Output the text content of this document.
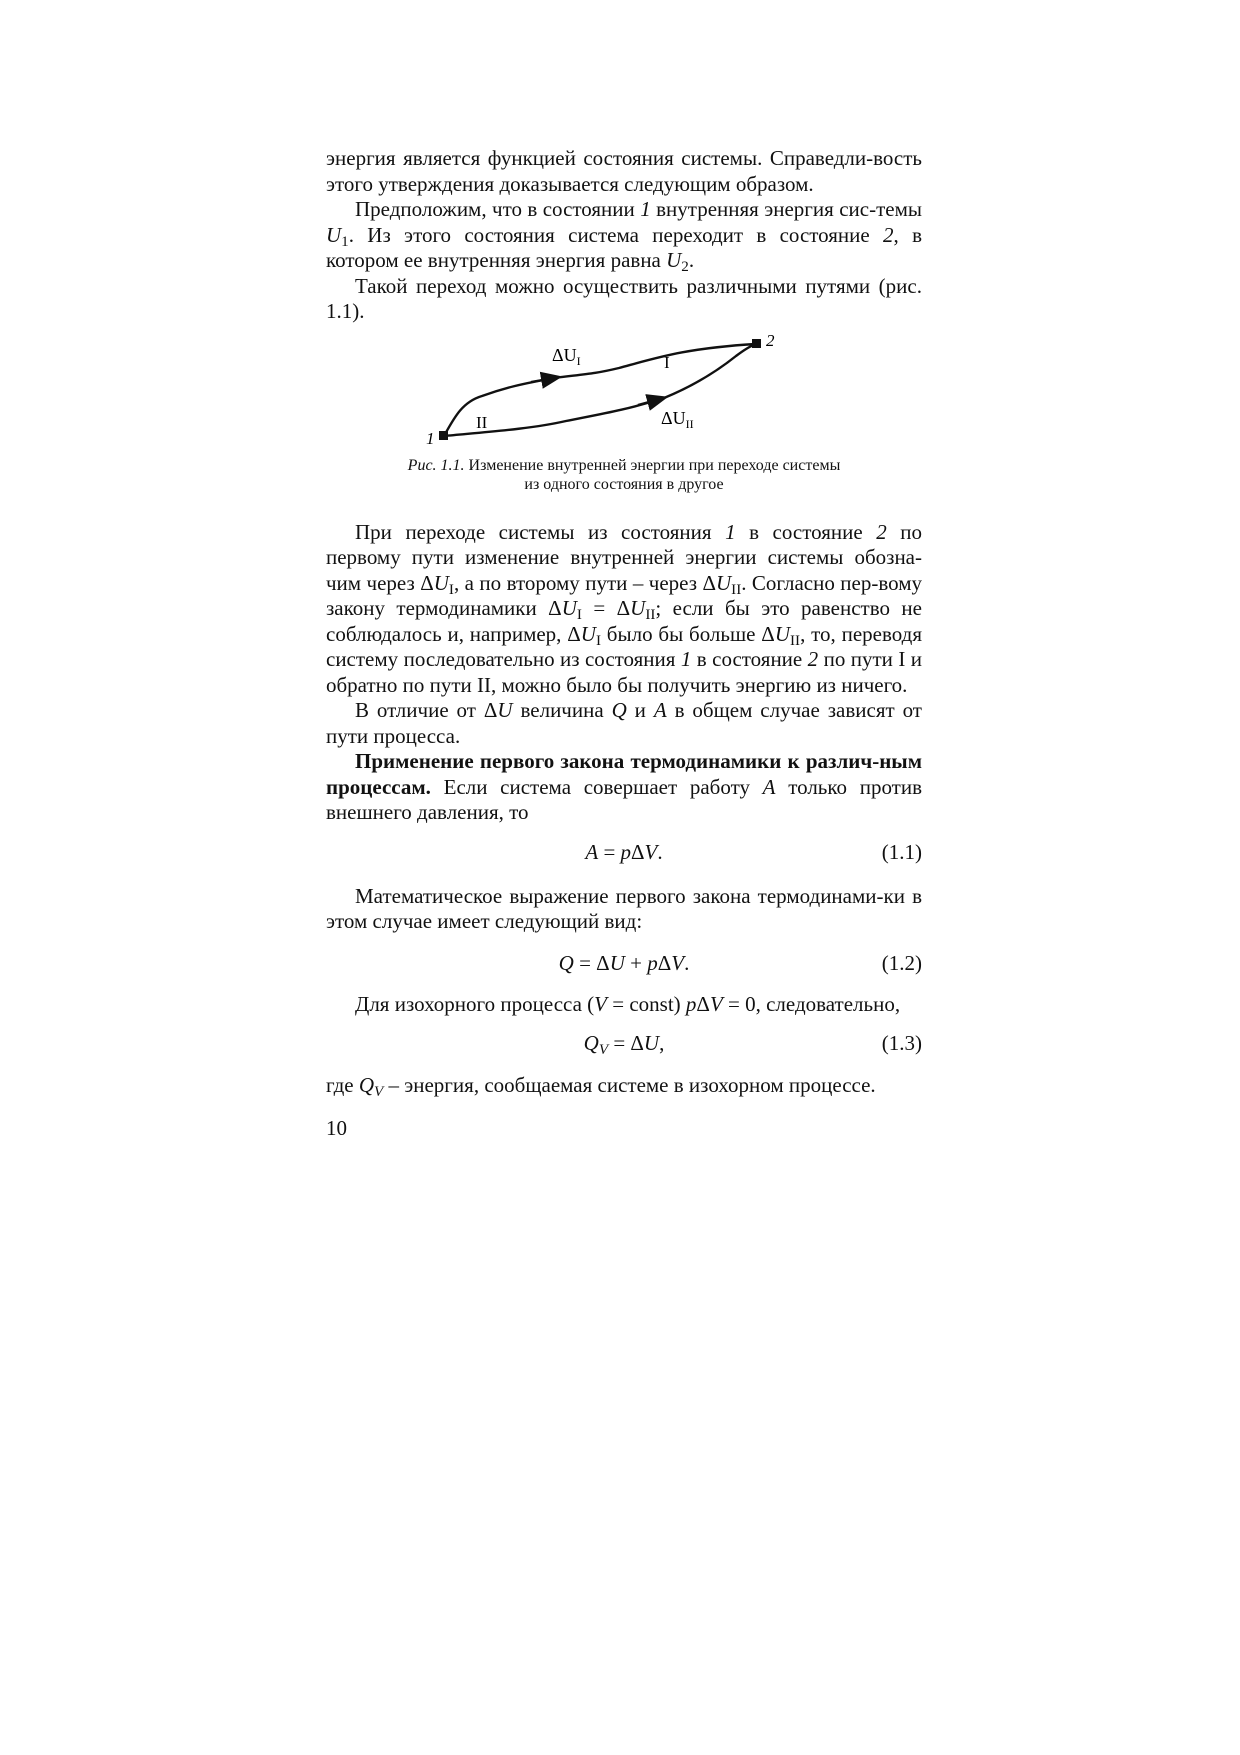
энергия является функцией состояния системы. Справедли-вость этого утверждения доказывается следующим образом.

Предположим, что в состоянии 1 внутренняя энергия сис-темы $U_1$. Из этого состояния система переходит в состояние 2, в котором ее внутренняя энергия равна $U_2$.

Такой переход можно осуществить различными путями (рис. 1.1).

$\Delta U_I$
$\Delta U_{II}$
I
II
1
2
Рис. 1.1. Изменение внутренней энергии при переходе системы
из одного состояния в другое

При переходе системы из состояния 1 в состояние 2 по первому пути изменение внутренней энергии системы обозна-чим через $\Delta U_I$, а по второму пути – через $\Delta U_{II}$. Согласно пер-вому закону термодинамики $\Delta U_I = \Delta U_{II}$; если бы это равенство не соблюдалось и, например, $\Delta U_I$ было бы больше $\Delta U_{II}$, то, переводя систему последовательно из состояния 1 в состояние 2 по пути I и обратно по пути II, можно было бы получить энергию из ничего.

В отличие от ΔU величина Q и A в общем случае зависят от пути процесса.

Применение первого закона термодинамики к различ-ным процессам. Если система совершает работу A только против внешнего давления, то

A = pΔV.	(1.1)

Математическое выражение первого закона термодинами-ки в этом случае имеет следующий вид:

Q = ΔU + pΔV.	(1.2)

Для изохорного процесса (V = const) pΔV = 0, следовательно,

$Q_V = \Delta U$,	(1.3)

где $Q_V$ – энергия, сообщаемая системе в изохорном процессе.

10
